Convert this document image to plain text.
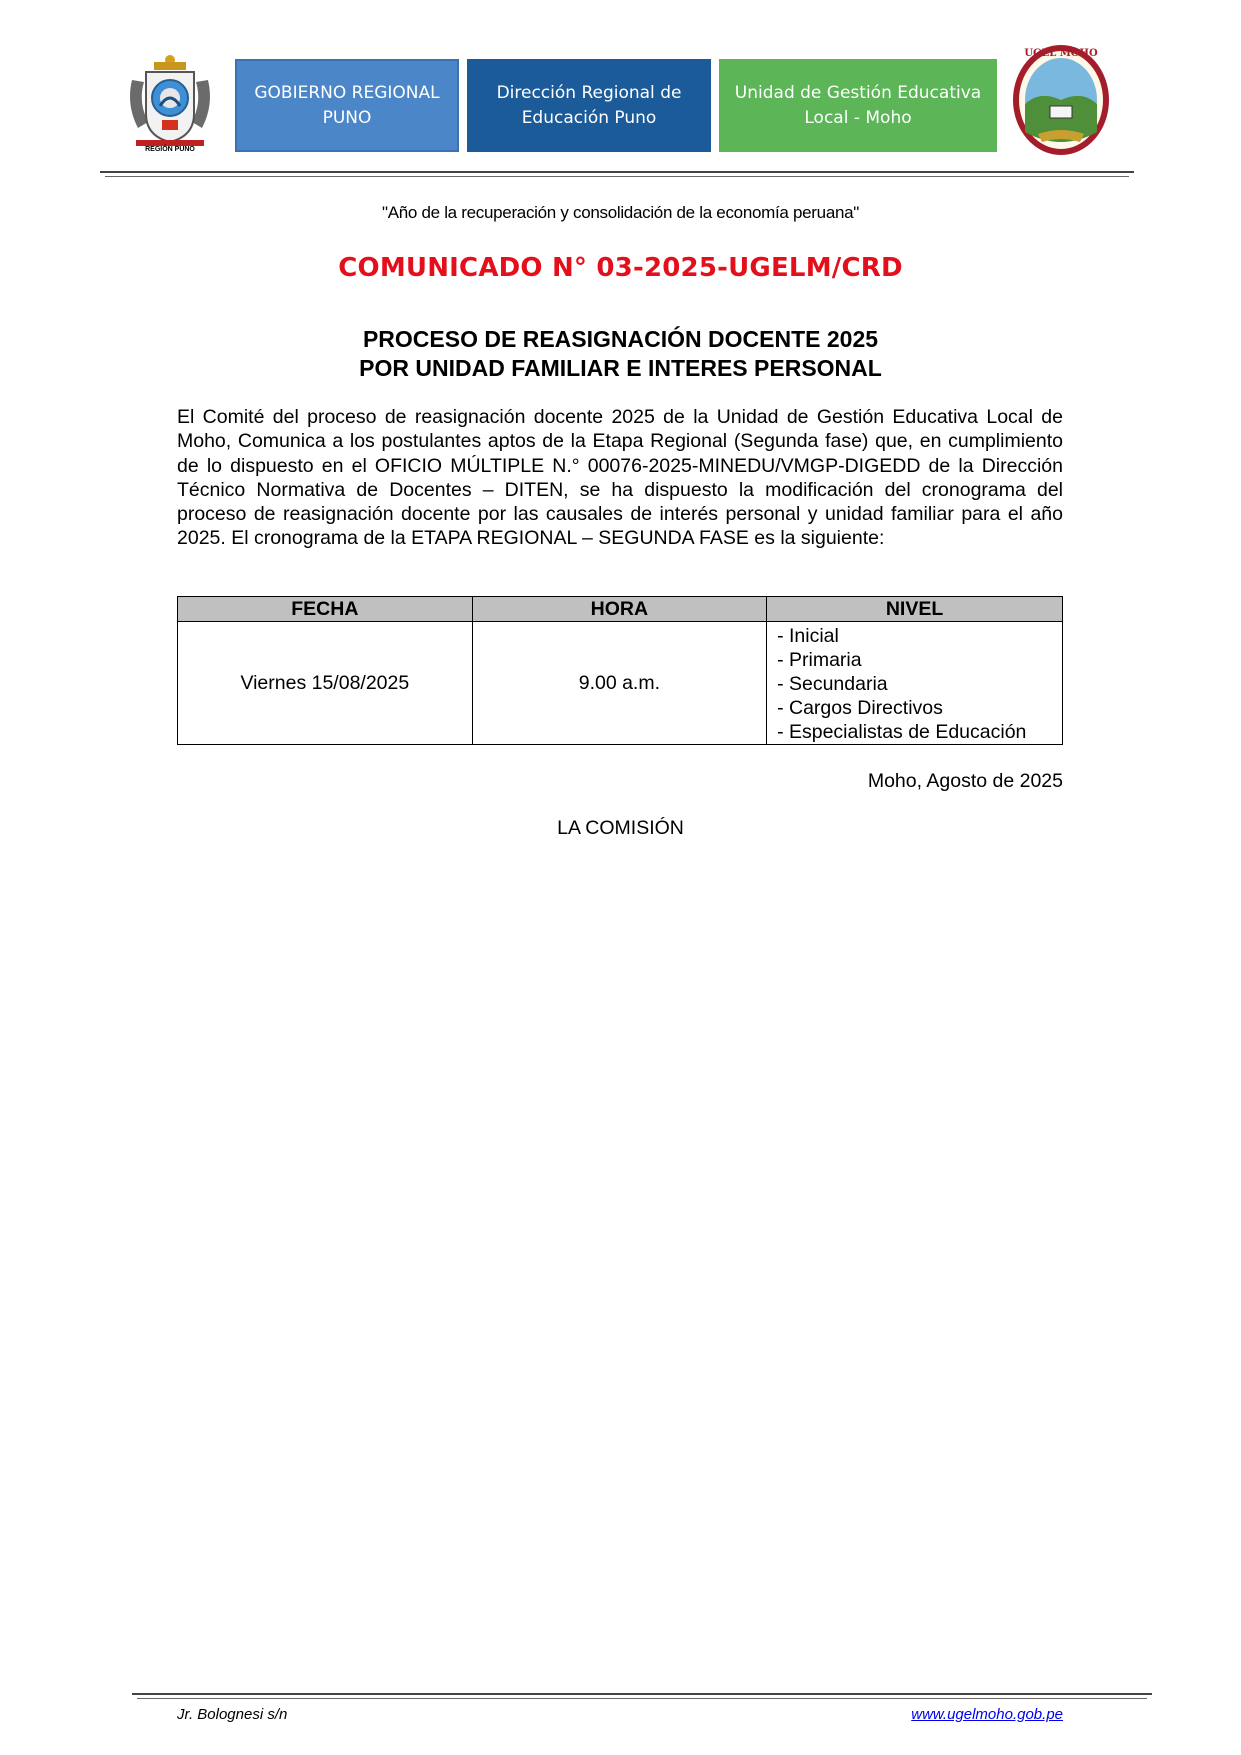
REGIÓN PUNO
GOBIERNO REGIONAL
PUNO
Dirección Regional de
Educación Puno
Unidad de Gestión Educativa
Local - Moho
UGEL MOHO
"Año de la recuperación y consolidación de la economía peruana"
COMUNICADO N° 03-2025-UGELM/CRD
PROCESO DE REASIGNACIÓN DOCENTE 2025
POR UNIDAD FAMILIAR E INTERES PERSONAL
El Comité del proceso de reasignación docente 2025 de la Unidad de Gestión Educativa Local de Moho, Comunica a los postulantes aptos de la Etapa Regional (Segunda fase) que, en cumplimiento de lo dispuesto en el OFICIO MÚLTIPLE N.° 00076-2025-MINEDU/VMGP-DIGEDD de la Dirección Técnico Normativa de Docentes – DITEN, se ha dispuesto la modificación del cronograma del proceso de reasignación docente por las causales de interés personal y unidad familiar para el año 2025. El cronograma de la ETAPA REGIONAL – SEGUNDA FASE es la siguiente:
FECHA	HORA	NIVEL
Viernes 15/08/2025	9.00 a.m.	- Inicial
- Primaria
- Secundaria
- Cargos Directivos
- Especialistas de Educación
Moho, Agosto de 2025
LA COMISIÓN
Jr. Bolognesi s/n	www.ugelmoho.gob.pe
